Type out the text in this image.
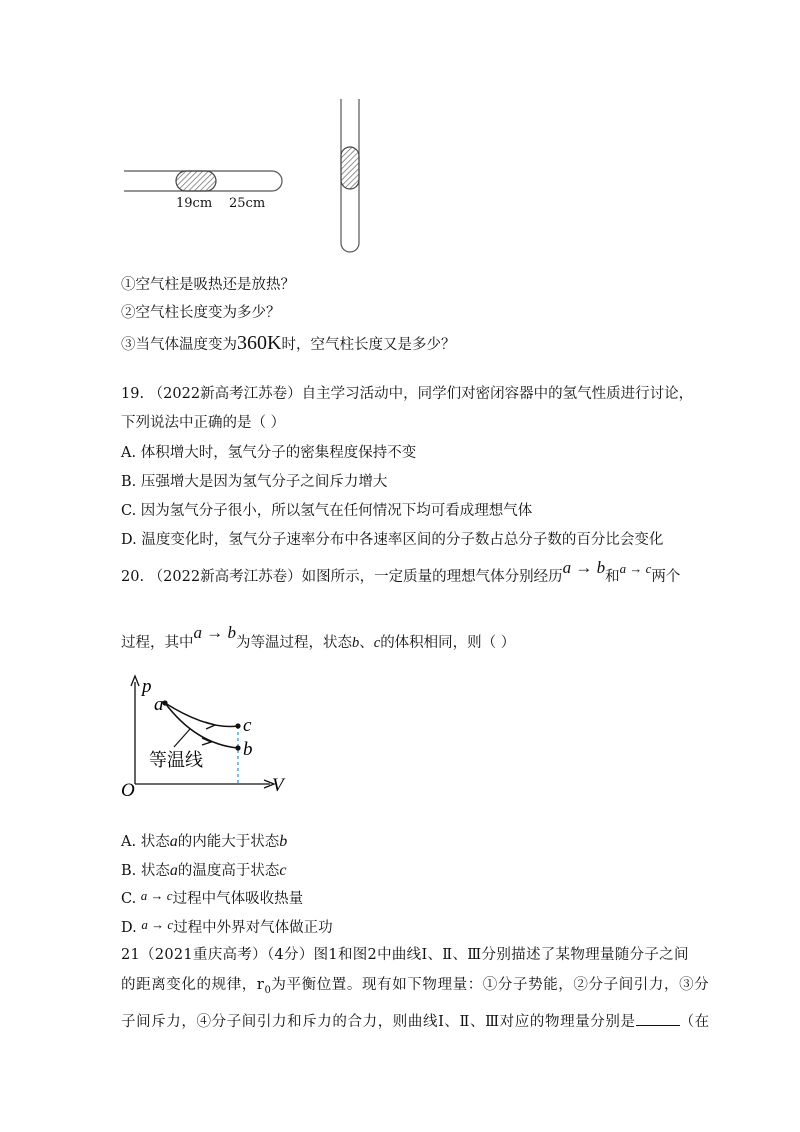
19cm 25cm
①空气柱是吸热还是放热？
②空气柱长度变为多少？
③当气体温度变为360K时，空气柱长度又是多少？
19. （2022新高考江苏卷）自主学习活动中，同学们对密闭容器中的氢气性质进行讨论，
下列说法中正确的是（ ）
A. 体积增大时，氢气分子的密集程度保持不变
B. 压强增大是因为氢气分子之间斥力增大
C. 因为氢气分子很小，所以氢气在任何情况下均可看成理想气体
D. 温度变化时，氢气分子速率分布中各速率区间的分子数占总分子数的百分比会变化
20. （2022新高考江苏卷）如图所示，一定质量的理想气体分别经历a → b和a → c两个
过程，其中a → b为等温过程，状态b、c的体积相同，则（ ）
p
V
O
a
c
b
等温线
A. 状态a的内能大于状态b
B. 状态a的温度高于状态c
C. a → c过程中气体吸收热量
D. a → c过程中外界对气体做正功
21（2021重庆高考）（4分）图1和图2中曲线Ⅰ、Ⅱ、Ⅲ分别描述了某物理量随分子之间
的距离变化的规律，$r_0$为平衡位置。现有如下物理量：①分子势能，②分子间引力，③分
子间斥力，④分子间引力和斥力的合力，则曲线Ⅰ、Ⅱ、Ⅲ对应的物理量分别是	（在
